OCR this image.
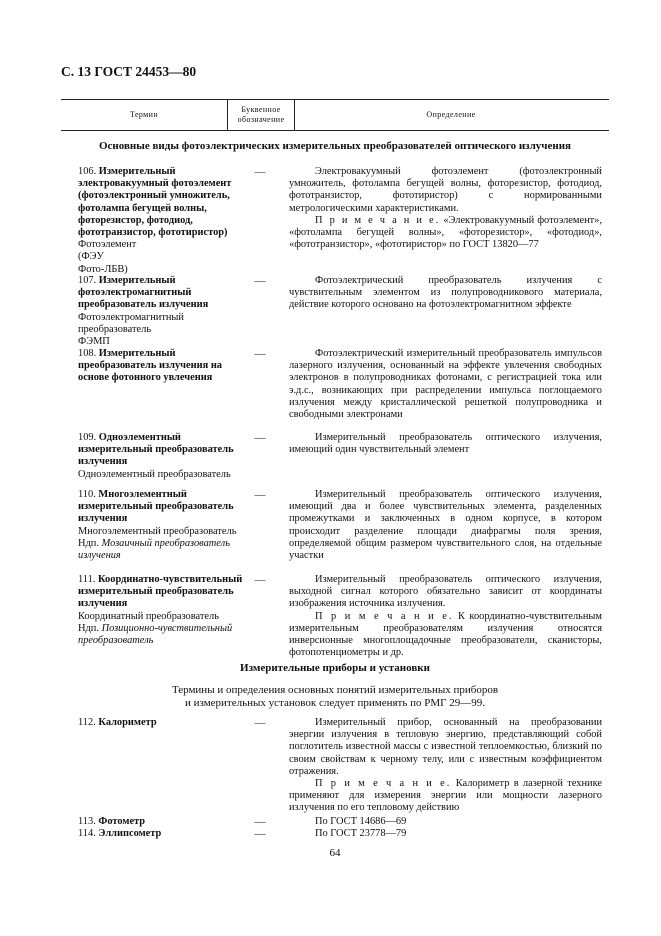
С. 13 ГОСТ 24453—80
Термин
Буквенное обозначение
Определение
Основные виды фотоэлектрических измерительных преобразователей оптического излучения
106. Измерительный электровакуумный фотоэлемент (фотоэлектронный умножитель, фотолампа бегущей волны, фоторезистор, фотодиод, фототранзистор, фототиристор)
Фотоэлемент
(ФЭУ
Фото-ЛБВ)
—	Электровакуумный фотоэлемент (фотоэлектронный умножитель, фотолампа бегущей волны, фоторезистор, фотодиод, фототранзистор, фототиристор) с нормированными метрологическими характеристиками.

П р и м е ч а н и е. «Электровакуумный фотоэлемент», «фотолампа бегущей волны», «фоторезистор», «фотодиод», «фототранзистор», «фототиристор» по ГОСТ 13820—77

107. Измерительный фотоэлектромагнитный преобразователь излучения
Фотоэлектромагнитный преобразователь
ФЭМП
—	Фотоэлектрический преобразователь излучения с чувствительным элементом из полупроводникового материала, действие которого основано на фотоэлектромагнитном эффекте

108. Измерительный преобразователь излучения на основе фотонного увлечения
—	Фотоэлектрический измерительный преобразователь импульсов лазерного излучения, основанный на эффекте увлечения свободных электронов в полупроводниках фотонами, с регистрацией тока или э.д.с., возникающих при распределении импульса поглощаемого излучения между кристаллической решеткой полупроводника и свободными электронами

109. Одноэлементный измерительный преобразователь излучения
Одноэлементный преобразователь
—	Измерительный преобразователь оптического излучения, имеющий один чувствительный элемент

110. Многоэлементный измерительный преобразователь излучения
Многоэлементный преобразователь
Ндп. Мозаичный преобразователь излучения
—	Измерительный преобразователь оптического излучения, имеющий два и более чувствительных элемента, разделенных промежутками и заключенных в одном корпусе, в котором происходит разделение площади диафрагмы поля зрения, определяемой общим размером чувствительного слоя, на отдельные участки

111. Координатно-чувствительный измерительный преобразователь излучения
Координатный преобразователь
Ндп. Позиционно-чувствительный преобразователь
—	Измерительный преобразователь оптического излучения, выходной сигнал которого обязательно зависит от координаты изображения источника излучения.

П р и м е ч а н и е. К координатно-чувствительным измерительным преобразователям излучения относятся инверсионные многоплощадочные преобразователи, сканисторы, фотопотенциометры и др.

Измерительные приборы и установки
Термины и определения основных понятий измерительных приборов
и измерительных установок следует применять по РМГ 29—99.
112. Калориметр	—	Измерительный прибор, основанный на преобразовании энергии излучения в тепловую энергию, представляющий собой поглотитель известной массы с известной теплоемкостью, близкий по своим свойствам к черному телу, или с известным коэффициентом отражения.

П р и м е ч а н и е. Калориметр в лазерной технике применяют для измерения энергии или мощности лазерного излучения по его тепловому действию

113. Фотометр	—	По ГОСТ 14686—69

114. Эллипсометр	—	По ГОСТ 23778—79

64
